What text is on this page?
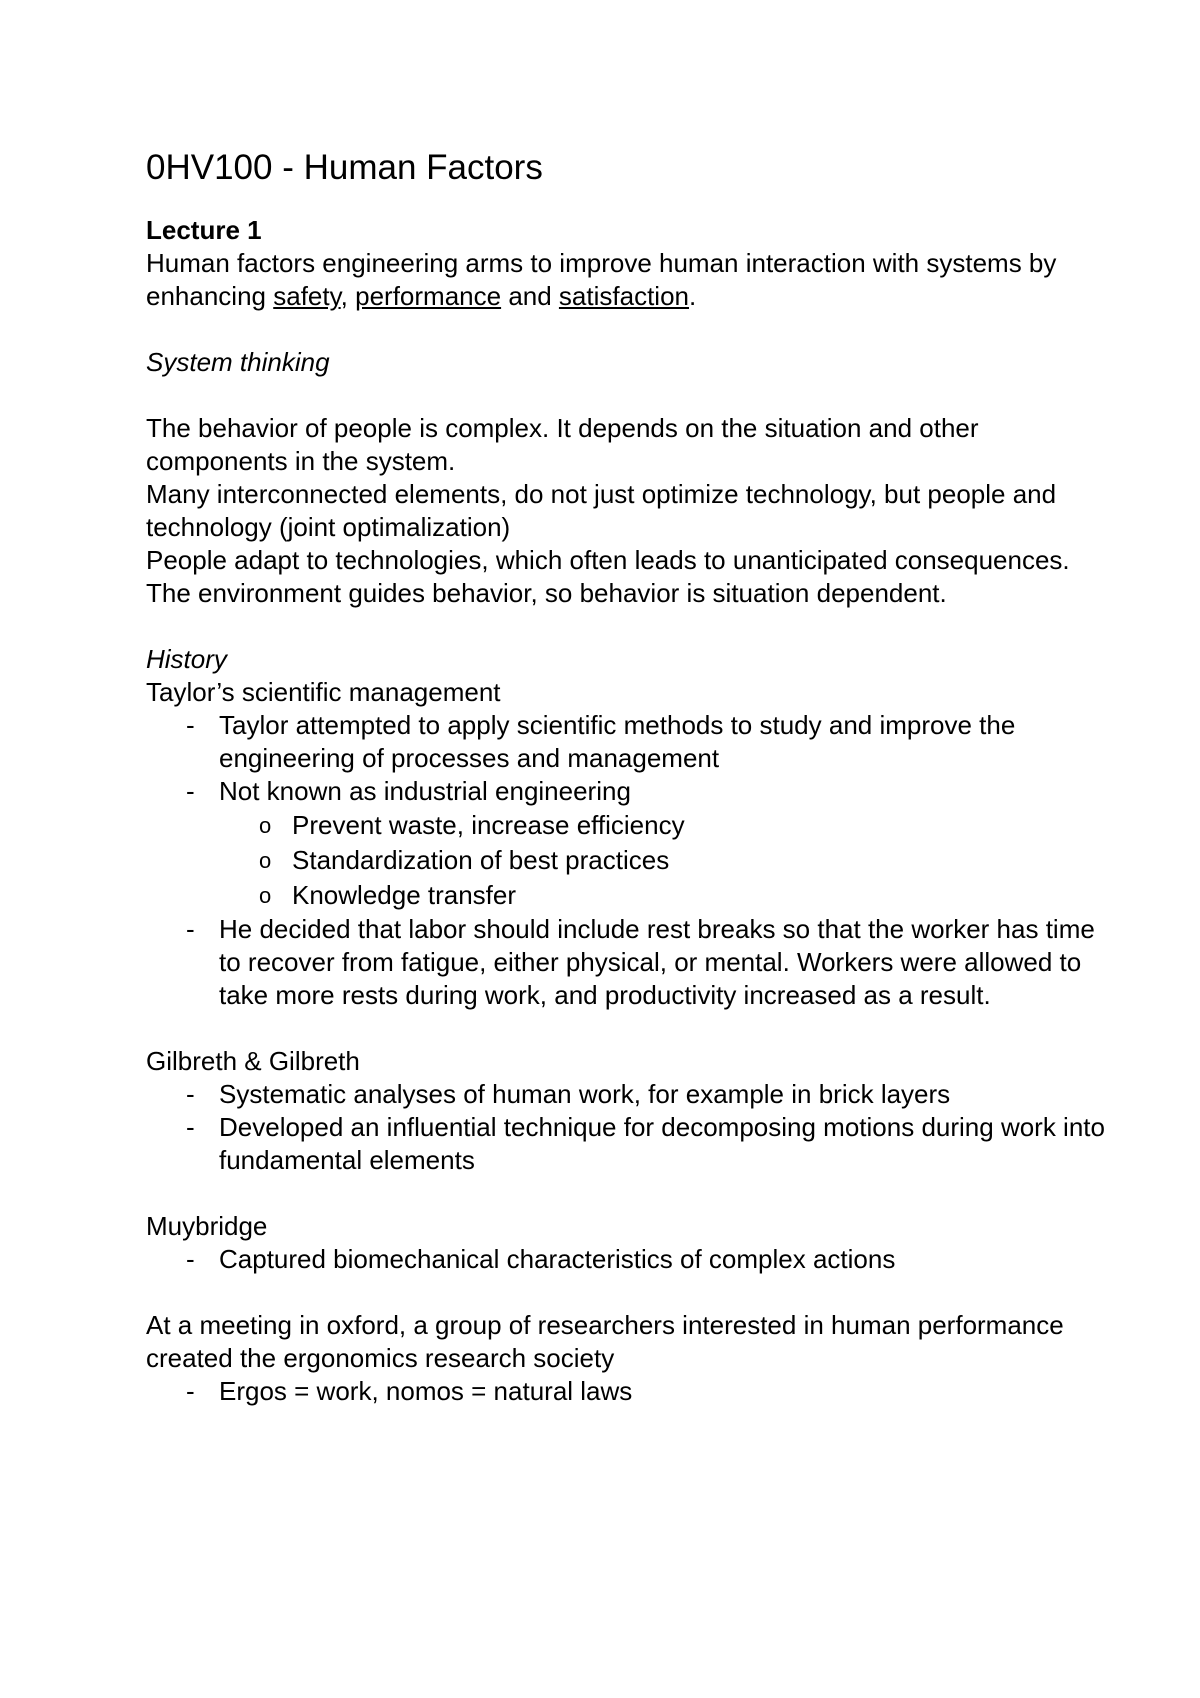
0HV100 - Human Factors

Lecture 1

Human factors engineering arms to improve human interaction with systems by enhancing safety, performance and satisfaction.

System thinking

The behavior of people is complex. It depends on the situation and other components in the system.

Many interconnected elements, do not just optimize technology, but people and technology (joint optimalization)

People adapt to technologies, which often leads to unanticipated consequences.

The environment guides behavior, so behavior is situation dependent.

History

Taylor’s scientific management

- Taylor attempted to apply scientific methods to study and improve the engineering of processes and management
- Not known as industrial engineering
o Prevent waste, increase efficiency
o Standardization of best practices
o Knowledge transfer
- He decided that labor should include rest breaks so that the worker has time to recover from fatigue, either physical, or mental. Workers were allowed to take more rests during work, and productivity increased as a result.

Gilbreth & Gilbreth

- Systematic analyses of human work, for example in brick layers
- Developed an influential technique for decomposing motions during work into fundamental elements

Muybridge

- Captured biomechanical characteristics of complex actions

At a meeting in oxford, a group of researchers interested in human performance created the ergonomics research society

- Ergos = work, nomos = natural laws
